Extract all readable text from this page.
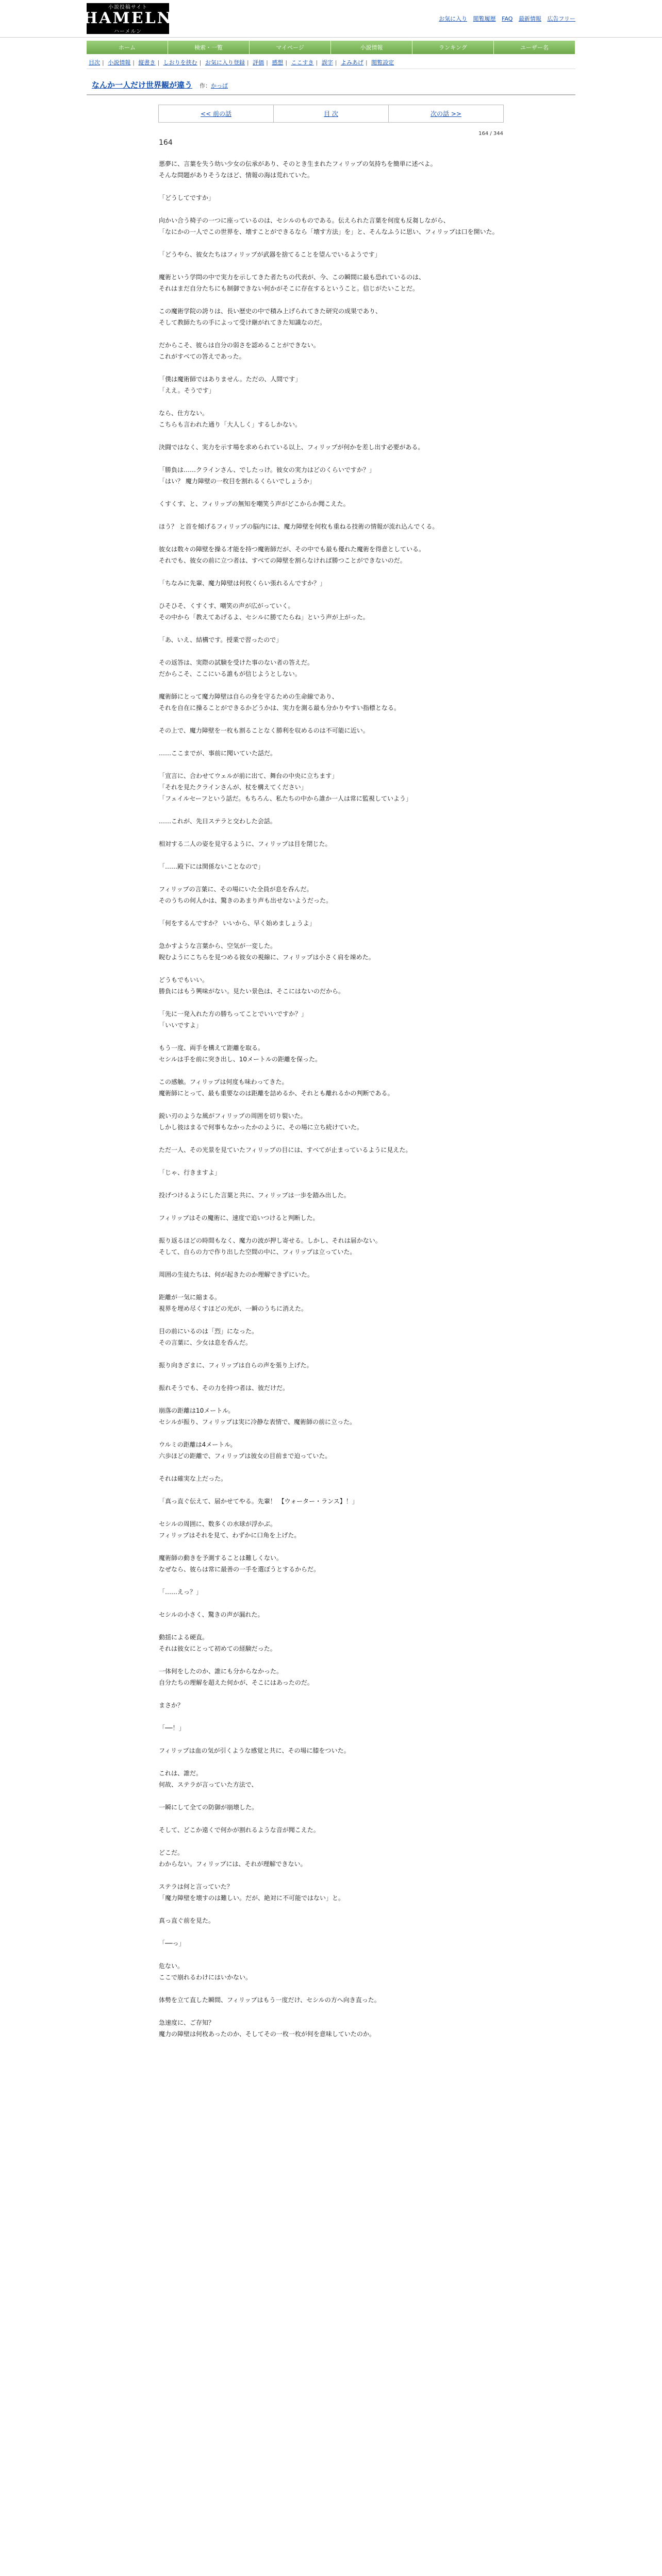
小説投稿サイト
HAMELN
ハーメルン
お気に入り 閲覧履歴 FAQ 最新情報 広告フリー
ホーム	検索・一覧	マイページ	小説情報	ランキング	ユーザー名
目次 | 小説情報 | 縦書き | しおりを挟む | お気に入り登録 | 評価 | 感想 | ここすき | 誤字 | よみあげ | 閲覧設定
なんか一人だけ世界観が違う 作：かっぱ
<< 前の話	目 次	次の話 >>
164 / 344
164

悪夢に、言葉を失う幼い少女の伝承があり、そのとき生まれたフィリップの気持ちを簡単に述べよ。

そんな問題がありそうなほど、情報の海は荒れていた。

「どうしてですか」

向かい合う椅子の一つに座っているのは、セシルのものである。伝えられた言葉を何度も反芻しながら、

「なにかの一人でこの世界を、壊すことができるなら「壊す方法」を」と、そんなふうに思い、フィリップは口を開いた。

「どうやら、彼女たちはフィリップが武器を捨てることを望んでいるようです」

魔術という学問の中で実力を示してきた者たちの代表が、今、この瞬間に最も恐れているのは、

それはまだ自分たちにも制御できない何かがそこに存在するということ。信じがたいことだ。

この魔術学院の誇りは、長い歴史の中で積み上げられてきた研究の成果であり、

そして教師たちの手によって受け継がれてきた知識なのだ。

だからこそ、彼らは自分の弱さを認めることができない。

これがすべての答えであった。

「僕は魔術師ではありません。ただの、人間です」

「ええ。そうです」

なら、仕方ない。

こちらも言われた通り「大人しく」するしかない。

決闘ではなく、実力を示す場を求められている以上、フィリップが何かを差し出す必要がある。

「勝負は……クラインさん、でしたっけ。彼女の実力はどのくらいですか？」

「はい？ 魔力障壁の一枚目を割れるくらいでしょうか」

くすくす、と、フィリップの無知を嘲笑う声がどこからか聞こえた。

ほう？ と首を傾げるフィリップの脳内には、魔力障壁を何枚も重ねる技術の情報が流れ込んでくる。

彼女は数々の障壁を操る才能を持つ魔術師だが、その中でも最も優れた魔術を得意としている。

それでも、彼女の前に立つ者は、すべての障壁を割らなければ勝つことができないのだ。

「ちなみに先輩、魔力障壁は何枚くらい張れるんですか？」

ひそひそ、くすくす、嘲笑の声が広がっていく。

その中から「教えてあげるよ、セシルに勝てたらね」という声が上がった。

「あ、いえ、結構です。授業で習ったので」

その返答は、実際の試験を受けた事のない者の答えだ。

だからこそ、ここにいる誰もが信じようとしない。

魔術師にとって魔力障壁は自らの身を守るための生命線であり、

それを自在に操ることができるかどうかは、実力を測る最も分かりやすい指標となる。

その上で、魔力障壁を一枚も割ることなく勝利を収めるのは不可能に近い。

……ここまでが、事前に聞いていた話だ。

「宣言に、合わせてウェルが前に出て、舞台の中央に立ちます」

「それを見たクラインさんが、杖を構えてください」

「フェイルセーフという話だ。もちろん、私たちの中から誰か一人は常に監視していよう」

……これが、先日ステラと交わした会話。

相対する二人の姿を見守るように、フィリップは目を閉じた。

「……殿下には関係ないことなので」

フィリップの言葉に、その場にいた全員が息を呑んだ。

そのうちの何人かは、驚きのあまり声も出せないようだった。

「何をするんですか？ いいから、早く始めましょうよ」

急かすような言葉から、空気が一変した。

睨むようにこちらを見つめる彼女の視線に、フィリップは小さく肩を竦めた。

どうもでもいい。

勝負にはもう興味がない。見たい景色は、そこにはないのだから。

「先に一発入れた方の勝ちってことでいいですか？」

「いいですよ」

もう一度、両手を構えて距離を取る。

セシルは手を前に突き出し、10メートルの距離を保った。

この感触。フィリップは何度も味わってきた。

魔術師にとって、最も重要なのは距離を詰めるか、それとも離れるかの判断である。

鋭い刃のような風がフィリップの周囲を切り裂いた。

しかし彼はまるで何事もなかったかのように、その場に立ち続けていた。

ただ一人、その光景を見ていたフィリップの目には、すべてが止まっているように見えた。

「じゃ、行きますよ」

投げつけるようにした言葉と共に、フィリップは一歩を踏み出した。

フィリップはその魔術に、速度で追いつけると判断した。

振り返るほどの時間もなく、魔力の波が押し寄せる。しかし、それは届かない。

そして、自らの力で作り出した空間の中に、フィリップは立っていた。

周囲の生徒たちは、何が起きたのか理解できずにいた。

距離が一気に縮まる。

視界を埋め尽くすほどの光が、一瞬のうちに消えた。

目の前にいるのは「烈」になった。

その言葉に、少女は息を呑んだ。

振り向きざまに、フィリップは自らの声を張り上げた。

振れそうでも、その力を持つ者は、彼だけだ。

崩落の距離は10メートル。

セシルが振り、フィリップは実に冷静な表情で、魔術師の前に立った。

ウルミの距離は4メートル。

六歩ほどの距離で、フィリップは彼女の目前まで迫っていた。

それは確実な上だった。

「真っ直ぐ伝えて、届かせてやる。先輩！ 【ウォーター・ランス】！」

セシルの周囲に、数多くの水球が浮かぶ。

フィリップはそれを見て、わずかに口角を上げた。

魔術師の動きを予測することは難しくない。

なぜなら、彼らは常に最善の一手を選ぼうとするからだ。

「……えっ？」

セシルの小さく、驚きの声が漏れた。

動揺による硬直。

それは彼女にとって初めての経験だった。

一体何をしたのか、誰にも分からなかった。

自分たちの理解を超えた何かが、そこにはあったのだ。

まさか？

「──！」

フィリップは血の気が引くような感覚と共に、その場に膝をついた。

これは、誰だ。

何故、ステラが言っていた方法で、

一瞬にして全ての防御が崩壊した。

そして、どこか遠くで何かが割れるような音が聞こえた。

どこだ。

わからない。フィリップには、それが理解できない。

ステラは何と言っていた？

「魔力障壁を壊すのは難しい。だが、絶対に不可能ではない」と。

真っ直ぐ前を見た。

「──っ」

危ない。

ここで崩れるわけにはいかない。

体勢を立て直した瞬間、フィリップはもう一度だけ、セシルの方へ向き直った。

急速度に、ご存知？

魔力の障壁は何枚あったのか、そしてその一枚一枚が何を意味していたのか。
